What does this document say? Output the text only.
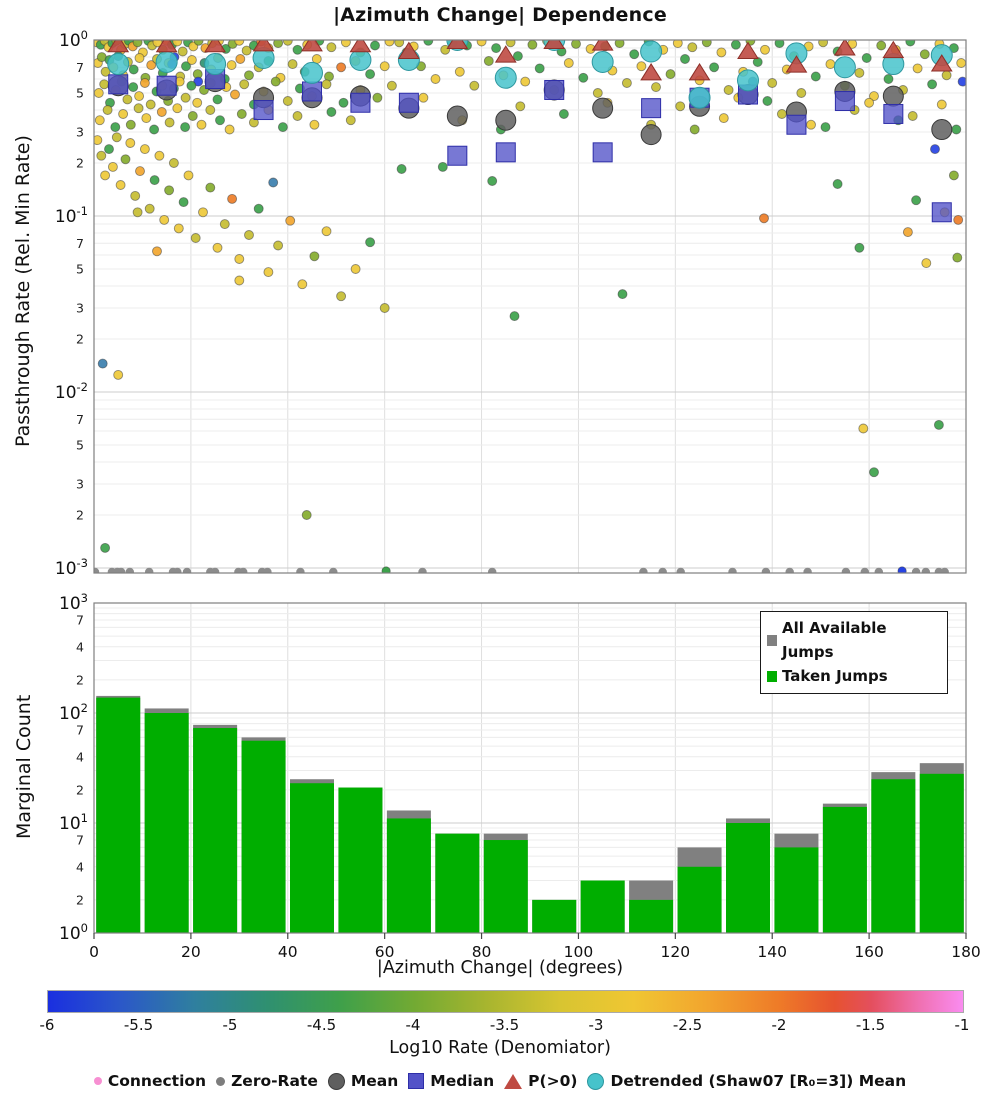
|Azimuth Change| Dependence
Passthrough Rate (Rel. Min Rate)
Marginal Count
$10^0$
$10^{-1}$
$10^{-2}$
$10^{-3}$
7
5
3
2
7
5
3
2
7
5
3
2
$10^3$
$10^2$
$10^1$
$10^0$
7
4
2
7
4
2
7
4
2
0	20	40	60	80	100	120	140	160	180
All Available Jumps
Taken Jumps
|Azimuth Change| (degrees)
-6	-5.5	-5	-4.5	-4	-3.5	-3	-2.5	-2	-1.5	-1
Log10 Rate (Denomiator)
Connection Zero-Rate Mean Median P(>0) Detrended (Shaw07 [R₀=3]) Mean
